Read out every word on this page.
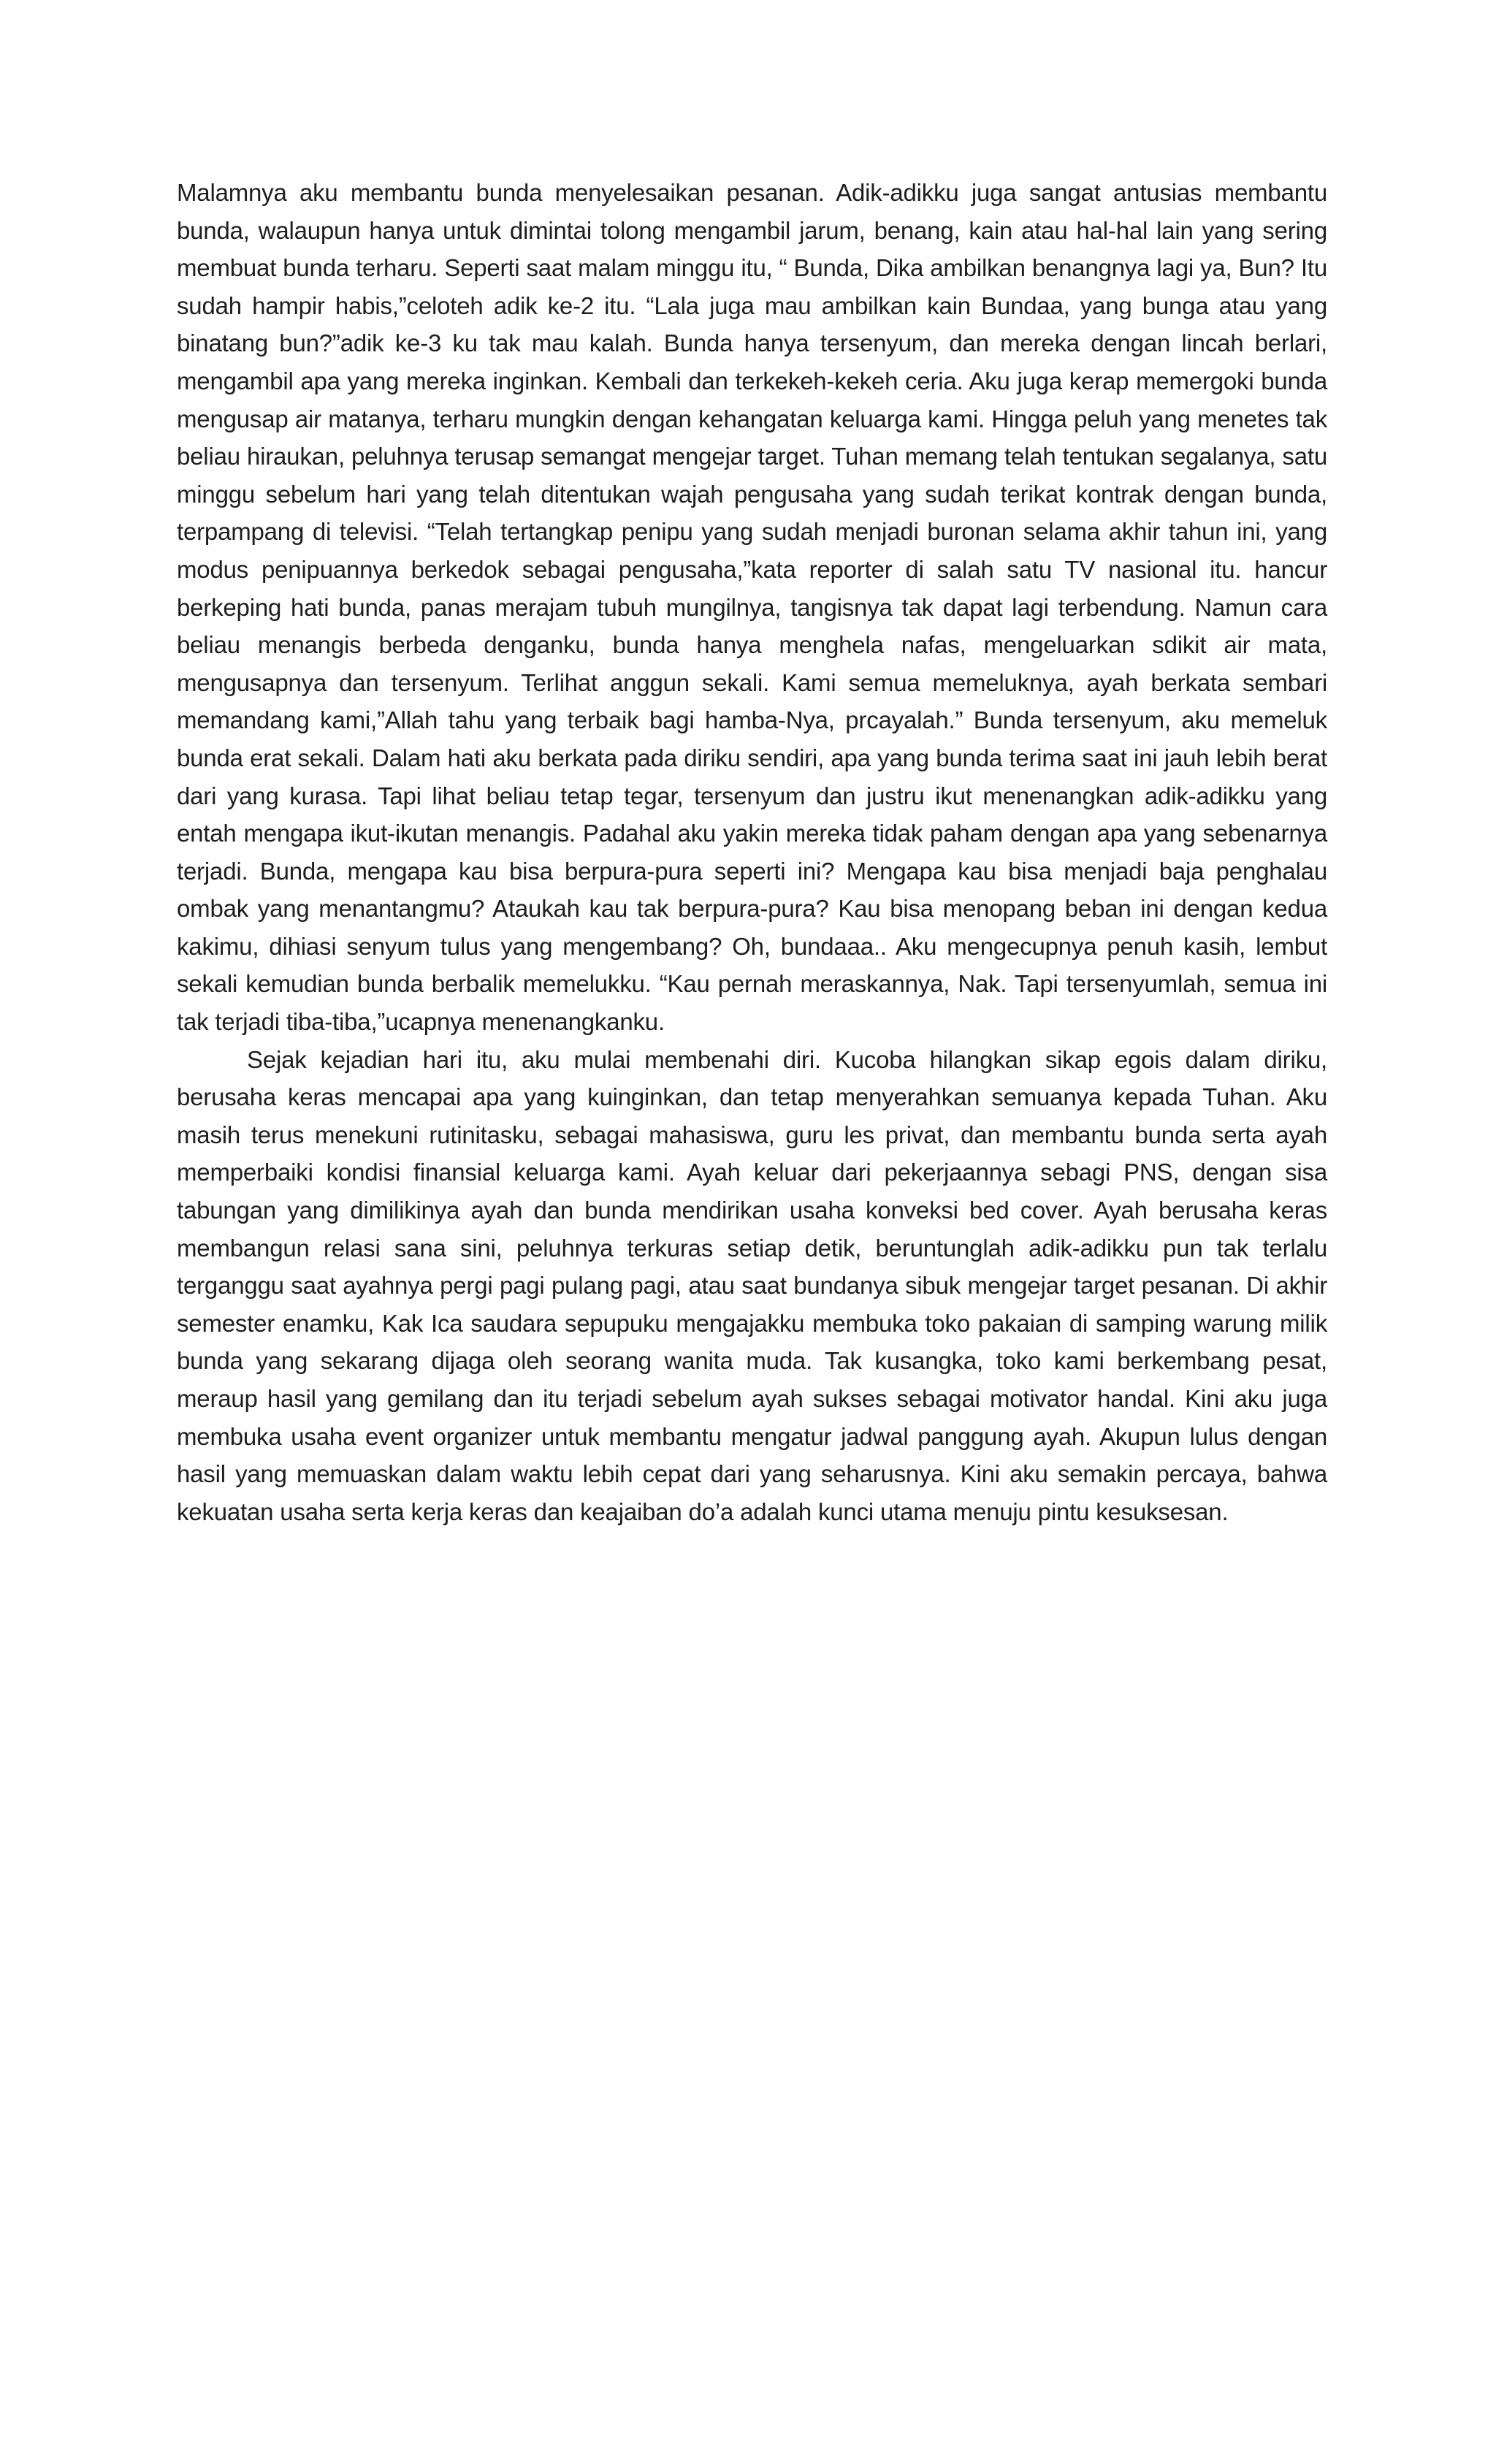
Malamnya aku membantu bunda menyelesaikan pesanan. Adik-adikku juga sangat antusias membantu bunda, walaupun hanya untuk dimintai tolong mengambil jarum, benang, kain atau hal-hal lain yang sering membuat bunda terharu. Seperti saat malam minggu itu, “ Bunda, Dika ambilkan benangnya lagi ya, Bun? Itu sudah hampir habis,”celoteh adik ke-2 itu. “Lala juga mau ambilkan kain Bundaa, yang bunga atau yang binatang bun?”adik ke-3 ku tak mau kalah. Bunda hanya tersenyum, dan mereka dengan lincah berlari, mengambil apa yang mereka inginkan. Kembali dan terkekeh-kekeh ceria. Aku juga kerap memergoki bunda mengusap air matanya, terharu mungkin dengan kehangatan keluarga kami. Hingga peluh yang menetes tak beliau hiraukan, peluhnya terusap semangat mengejar target. Tuhan memang telah tentukan segalanya, satu minggu sebelum hari yang telah ditentukan wajah pengusaha yang sudah terikat kontrak dengan bunda, terpampang di televisi. “Telah tertangkap penipu yang sudah menjadi buronan selama akhir tahun ini, yang modus penipuannya berkedok sebagai pengusaha,”kata reporter di salah satu TV nasional itu. hancur berkeping hati bunda, panas merajam tubuh mungilnya, tangisnya tak dapat lagi terbendung. Namun cara beliau menangis berbeda denganku, bunda hanya menghela nafas, mengeluarkan sdikit air mata, mengusapnya dan tersenyum. Terlihat anggun sekali. Kami semua memeluknya, ayah berkata sembari memandang kami,”Allah tahu yang terbaik bagi hamba-Nya, prcayalah.” Bunda tersenyum, aku memeluk bunda erat sekali. Dalam hati aku berkata pada diriku sendiri, apa yang bunda terima saat ini jauh lebih berat dari yang kurasa. Tapi lihat beliau tetap tegar, tersenyum dan justru ikut menenangkan adik-adikku yang entah mengapa ikut-ikutan menangis. Padahal aku yakin mereka tidak paham dengan apa yang sebenarnya terjadi. Bunda, mengapa kau bisa berpura-pura seperti ini? Mengapa kau bisa menjadi baja penghalau ombak yang menantangmu? Ataukah kau tak berpura-pura? Kau bisa menopang beban ini dengan kedua kakimu, dihiasi senyum tulus yang mengembang? Oh, bundaaa.. Aku mengecupnya penuh kasih, lembut sekali kemudian bunda berbalik memelukku. “Kau pernah meraskannya, Nak. Tapi tersenyumlah, semua ini tak terjadi tiba-tiba,”ucapnya menenangkanku.

Sejak kejadian hari itu, aku mulai membenahi diri. Kucoba hilangkan sikap egois dalam diriku, berusaha keras mencapai apa yang kuinginkan, dan tetap menyerahkan semuanya kepada Tuhan. Aku masih terus menekuni rutinitasku, sebagai mahasiswa, guru les privat, dan membantu bunda serta ayah memperbaiki kondisi finansial keluarga kami. Ayah keluar dari pekerjaannya sebagi PNS, dengan sisa tabungan yang dimilikinya ayah dan bunda mendirikan usaha konveksi bed cover. Ayah berusaha keras membangun relasi sana sini, peluhnya terkuras setiap detik, beruntunglah adik-adikku pun tak terlalu terganggu saat ayahnya pergi pagi pulang pagi, atau saat bundanya sibuk mengejar target pesanan. Di akhir semester enamku, Kak Ica saudara sepupuku mengajakku membuka toko pakaian di samping warung milik bunda yang sekarang dijaga oleh seorang wanita muda. Tak kusangka, toko kami berkembang pesat, meraup hasil yang gemilang dan itu terjadi sebelum ayah sukses sebagai motivator handal. Kini aku juga membuka usaha event organizer untuk membantu mengatur jadwal panggung ayah. Akupun lulus dengan hasil yang memuaskan dalam waktu lebih cepat dari yang seharusnya. Kini aku semakin percaya, bahwa kekuatan usaha serta kerja keras dan keajaiban do’a adalah kunci utama menuju pintu kesuksesan.
